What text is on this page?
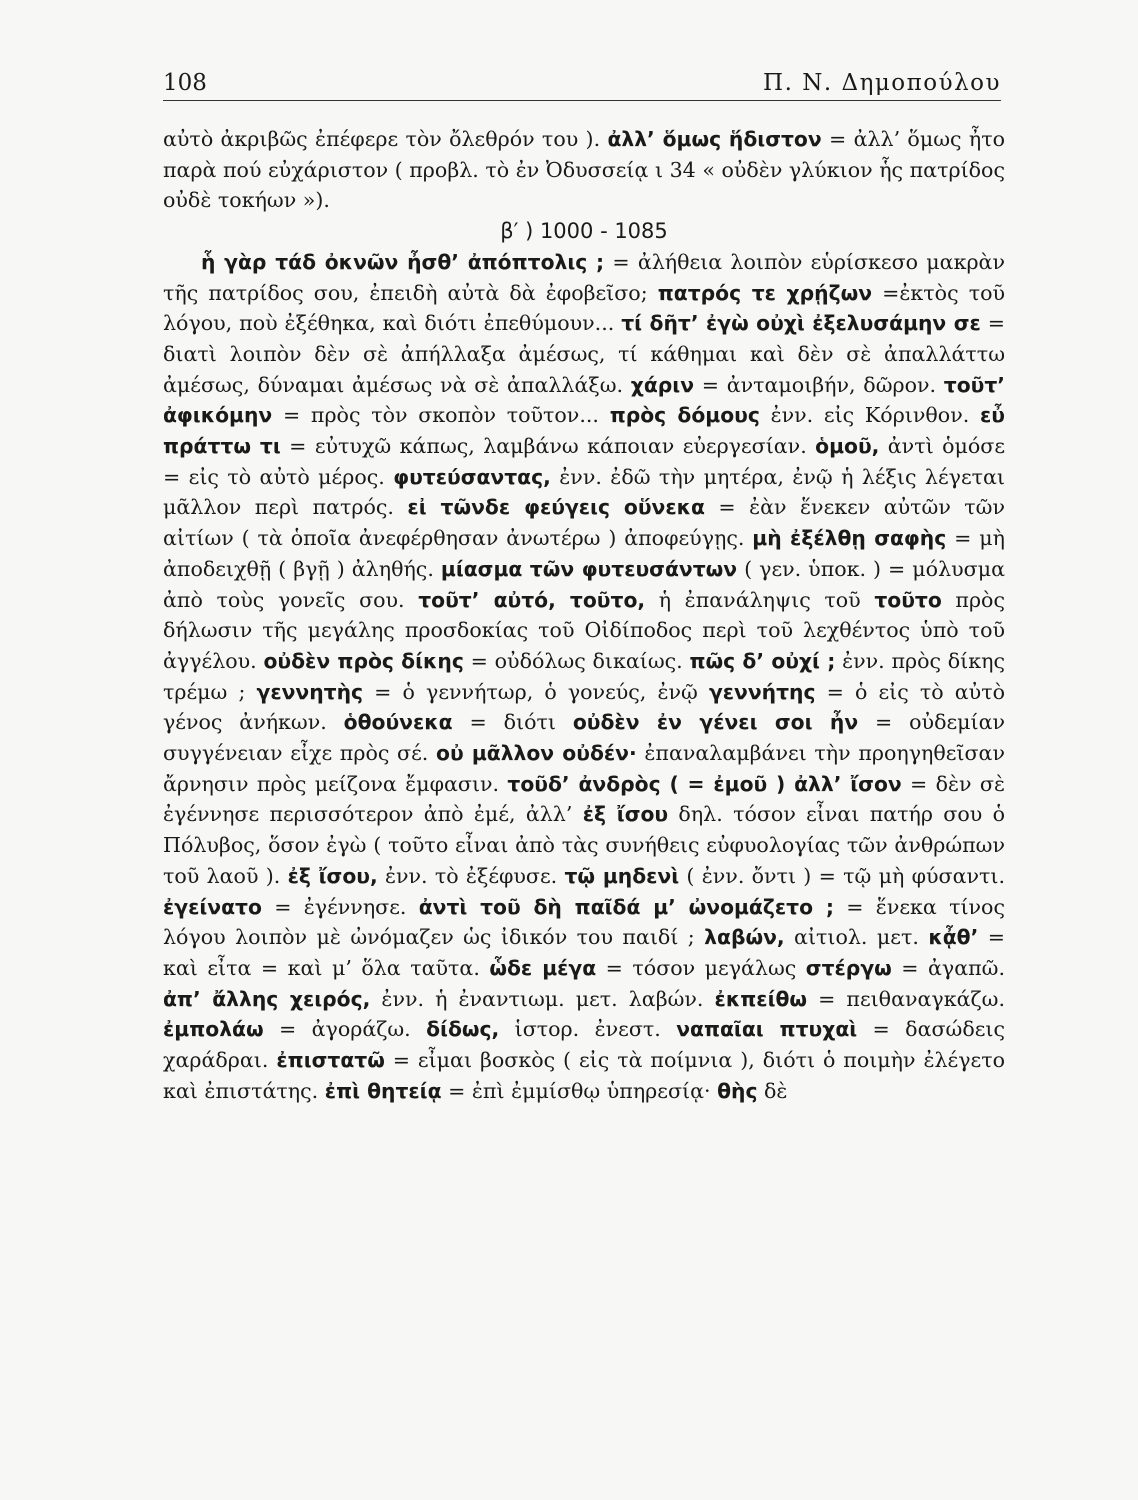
108	Π. Ν. Δημοπούλου

αὐτὸ ἀκριβῶς ἐπέφερε τὸν ὄλεθρόν του ). ἀλλ’ ὅμως ἥδιστον = ἀλλ’ ὅμως ἦτο παρὰ πού εὐχάριστον ( προβλ. τὸ ἐν Ὀδυσσείᾳ ι 34 « οὐδὲν γλύκιον ἧς πατρίδος οὐδὲ τοκήων »).

β′ ) 1000 - 1085

ἧ γὰρ τάδ ὀκνῶν ἦσθ’ ἀπόπτολις ; = ἀλήθεια λοιπὸν εὑρίσκεσο μακρὰν τῆς πατρίδος σου, ἐπειδὴ αὐτὰ δὰ ἐφοβεῖσο; πατρός τε χρῄζων =ἐκτὸς τοῦ λόγου, ποὺ ἐξέθηκα, καὶ διότι ἐπεθύμουν... τί δῆτ’ ἐγὼ οὐχὶ ἐξελυσάμην σε = διατὶ λοιπὸν δὲν σὲ ἀπήλλαξα ἀμέσως, τί κάθημαι καὶ δὲν σὲ ἀπαλλάττω ἀμέσως, δύναμαι ἀμέσως νὰ σὲ ἀπαλλάξω. χάριν = ἀνταμοιβήν, δῶρον. τοῦτ’ ἀφικόμην = πρὸς τὸν σκοπὸν τοῦτον... πρὸς δόμους ἐνν. εἰς Κόρινθον. εὖ πράττω τι = εὐτυχῶ κάπως, λαμβάνω κάποιαν εὐεργεσίαν. ὁμοῦ, ἀντὶ ὁμόσε = εἰς τὸ αὐτὸ μέρος. φυτεύσαντας, ἐνν. ἐδῶ τὴν μητέρα, ἐνῷ ἡ λέξις λέγεται μᾶλλον περὶ πατρός. εἰ τῶνδε φεύγεις οὕνεκα = ἐὰν ἕνεκεν αὐτῶν τῶν αἰτίων ( τὰ ὁποῖα ἀνεφέρθησαν ἀνωτέρω ) ἀποφεύγῃς. μὴ ἐξέλθῃ σαφὴς = μὴ ἀποδειχθῇ ( βγῇ ) ἀληθής. μίασμα τῶν φυτευσάντων ( γεν. ὑποκ. ) = μόλυσμα ἀπὸ τοὺς γονεῖς σου. τοῦτ’ αὐτό, τοῦτο, ἡ ἐπανάληψις τοῦ τοῦτο πρὸς δήλωσιν τῆς μεγάλης προσδοκίας τοῦ Οἰδίποδος περὶ τοῦ λεχθέντος ὑπὸ τοῦ ἀγγέλου. οὐδὲν πρὸς δίκης = οὐδόλως δικαίως. πῶς δ’ οὐχί ; ἐνν. πρὸς δίκης τρέμω ; γεννητὴς = ὁ γεννήτωρ, ὁ γονεύς, ἐνῷ γεννήτης = ὁ εἰς τὸ αὐτὸ γένος ἀνήκων. ὁθούνεκα = διότι οὐδὲν ἐν γένει σοι ἦν = οὐδεμίαν συγγένειαν εἶχε πρὸς σέ. οὐ μᾶλλον οὐδέν· ἐπαναλαμβάνει τὴν προηγηθεῖσαν ἄρνησιν πρὸς μείζονα ἔμφασιν. τοῦδ’ ἀνδρὸς ( = ἐμοῦ ) ἀλλ’ ἴσον = δὲν σὲ ἐγέννησε περισσότερον ἀπὸ ἐμέ, ἀλλ’ ἐξ ἴσου δηλ. τόσον εἶναι πατήρ σου ὁ Πόλυβος, ὅσον ἐγὼ ( τοῦτο εἶναι ἀπὸ τὰς συνήθεις εὐφυολογίας τῶν ἀνθρώπων τοῦ λαοῦ ). ἐξ ἴσου, ἐνν. τὸ ἐξέφυσε. τῷ μηδενὶ ( ἐνν. ὄντι ) = τῷ μὴ φύσαντι. ἐγείνατο = ἐγέννησε. ἀντὶ τοῦ δὴ παῖδά μ’ ὠνομάζετο ; = ἕνεκα τίνος λόγου λοιπὸν μὲ ὠνόμαζεν ὡς ἰδικόν του παιδί ; λαβών, αἰτιολ. μετ. κᾆθ’ = καὶ εἶτα = καὶ μ’ ὅλα ταῦτα. ὧδε μέγα = τόσον μεγάλως στέργω = ἀγαπῶ. ἀπ’ ἄλλης χειρός, ἐνν. ἡ ἐναντιωμ. μετ. λαβών. ἐκπείθω = πειθαναγκάζω. ἐμπολάω = ἀγοράζω. δίδως, ἱστορ. ἐνεστ. ναπαῖαι πτυχαὶ = δασώδεις χαράδραι. ἐπιστατῶ = εἶμαι βοσκὸς ( εἰς τὰ ποίμνια ), διότι ὁ ποιμὴν ἐλέγετο καὶ ἐπιστάτης. ἐπὶ θητείᾳ = ἐπὶ ἐμμίσθῳ ὑπηρεσίᾳ· θὴς δὲ
